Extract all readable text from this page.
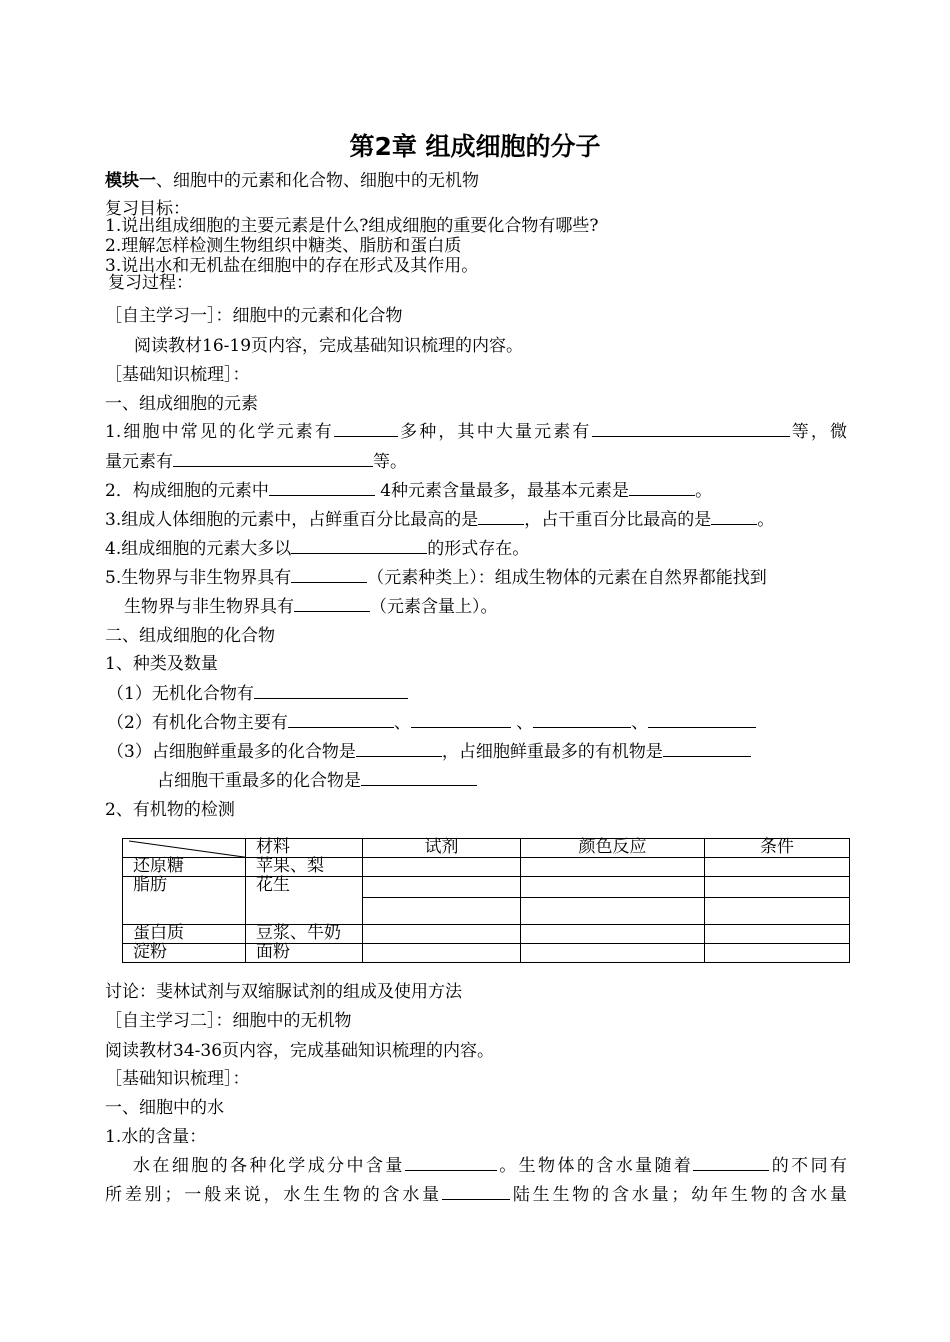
第2章 组成细胞的分子
模块一、细胞中的元素和化合物、细胞中的无机物
复习目标：
1.说出组成细胞的主要元素是什么?组成细胞的重要化合物有哪些?
2.理解怎样检测生物组织中糖类、脂肪和蛋白质
3.说出水和无机盐在细胞中的存在形式及其作用。
复习过程：
［自主学习一］：细胞中的元素和化合物
阅读教材16-19页内容，完成基础知识梳理的内容。
［基础知识梳理］：
一、组成细胞的元素
1.细胞中常见的化学元素有	多种，其中大量元素有	等，微
量元素有	等。
2．构成细胞的元素中	4种元素含量最多，最基本元素是	。
3.组成人体细胞的元素中，占鲜重百分比最高的是	，占干重百分比最高的是	。
4.组成细胞的元素大多以	的形式存在。
5.生物界与非生物界具有	（元素种类上）：组成生物体的元素在自然界都能找到
生物界与非生物界具有	（元素含量上）。
二、组成细胞的化合物
1、种类及数量
（1）无机化合物有
（2）有机化合物主要有	、	、	、
（3）占细胞鲜重最多的化合物是	，占细胞鲜重最多的有机物是
占细胞干重最多的化合物是
2、有机物的检测
	材料	试剂	颜色反应	条件
还原糖	苹果、梨			
脂肪	花生			

蛋白质	豆浆、牛奶			
淀粉	面粉			
讨论：斐林试剂与双缩脲试剂的组成及使用方法
［自主学习二］：细胞中的无机物
阅读教材34-36页内容，完成基础知识梳理的内容。
［基础知识梳理］：
一、细胞中的水
1.水的含量：
水在细胞的各种化学成分中含量	。生物体的含水量随着	的不同有
所差别；一般来说，水生生物的含水量	陆生生物的含水量；幼年生物的含水量
